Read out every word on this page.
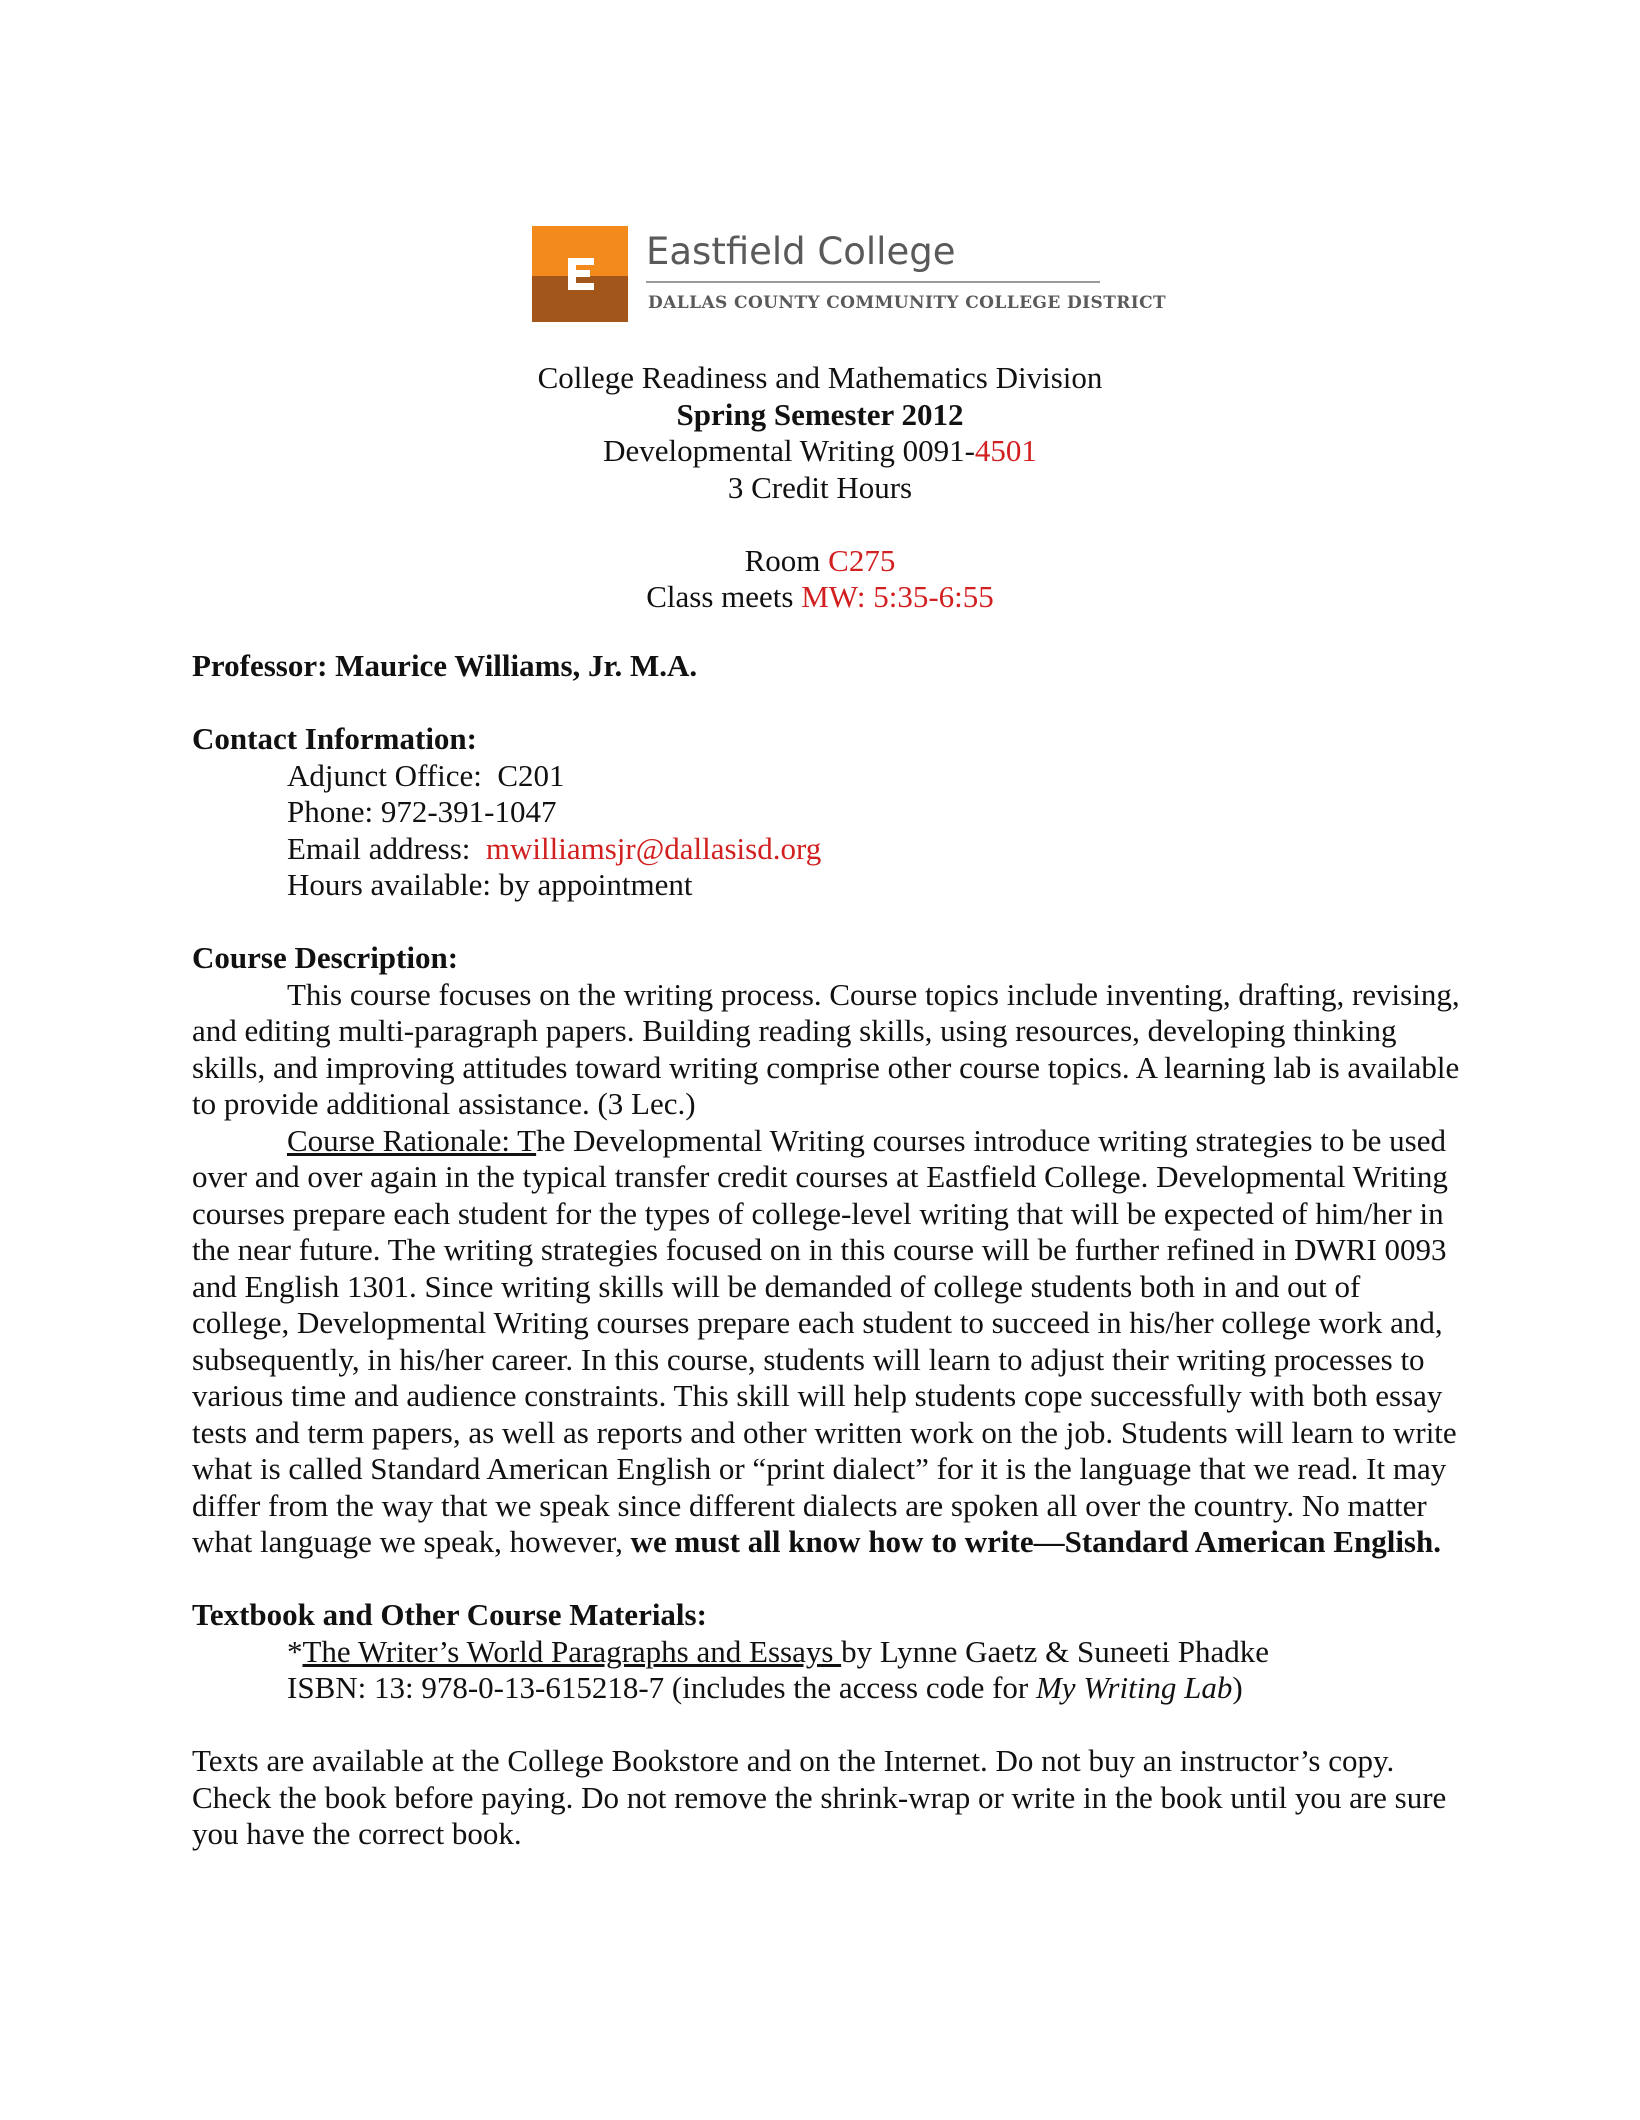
Eastfield College
DALLAS COUNTY COMMUNITY COLLEGE DISTRICT
College Readiness and Mathematics Division
Spring Semester 2012
Developmental Writing 0091-4501
3 Credit Hours
Room C275
Class meets MW: 5:35-6:55
Professor: Maurice Williams, Jr. M.A.
Contact Information:
Adjunct Office:  C201
Phone: 972-391-1047
Email address:  mwilliamsjr@dallasisd.org
Hours available: by appointment
Course Description:

This course focuses on the writing process. Course topics include inventing, drafting, revising, and editing multi-paragraph papers. Building reading skills, using resources, developing thinking skills, and improving attitudes toward writing comprise other course topics. A learning lab is available to provide additional assistance. (3 Lec.)

Course Rationale: The Developmental Writing courses introduce writing strategies to be used over and over again in the typical transfer credit courses at Eastfield College. Developmental Writing courses prepare each student for the types of college-level writing that will be expected of him/her in the near future. The writing strategies focused on in this course will be further refined in DWRI 0093 and English 1301. Since writing skills will be demanded of college students both in and out of college, Developmental Writing courses prepare each student to succeed in his/her college work and, subsequently, in his/her career. In this course, students will learn to adjust their writing processes to various time and audience constraints. This skill will help students cope successfully with both essay tests and term papers, as well as reports and other written work on the job. Students will learn to write what is called Standard American English or “print dialect” for it is the language that we read. It may differ from the way that we speak since different dialects are spoken all over the country. No matter what language we speak, however, we must all know how to write—Standard American English.

Textbook and Other Course Materials:
*The Writer’s World Paragraphs and Essays by Lynne Gaetz & Suneeti Phadke
ISBN: 13: 978-0-13-615218-7 (includes the access code for My Writing Lab)

Texts are available at the College Bookstore and on the Internet. Do not buy an instructor’s copy. Check the book before paying. Do not remove the shrink-wrap or write in the book until you are sure you have the correct book.
